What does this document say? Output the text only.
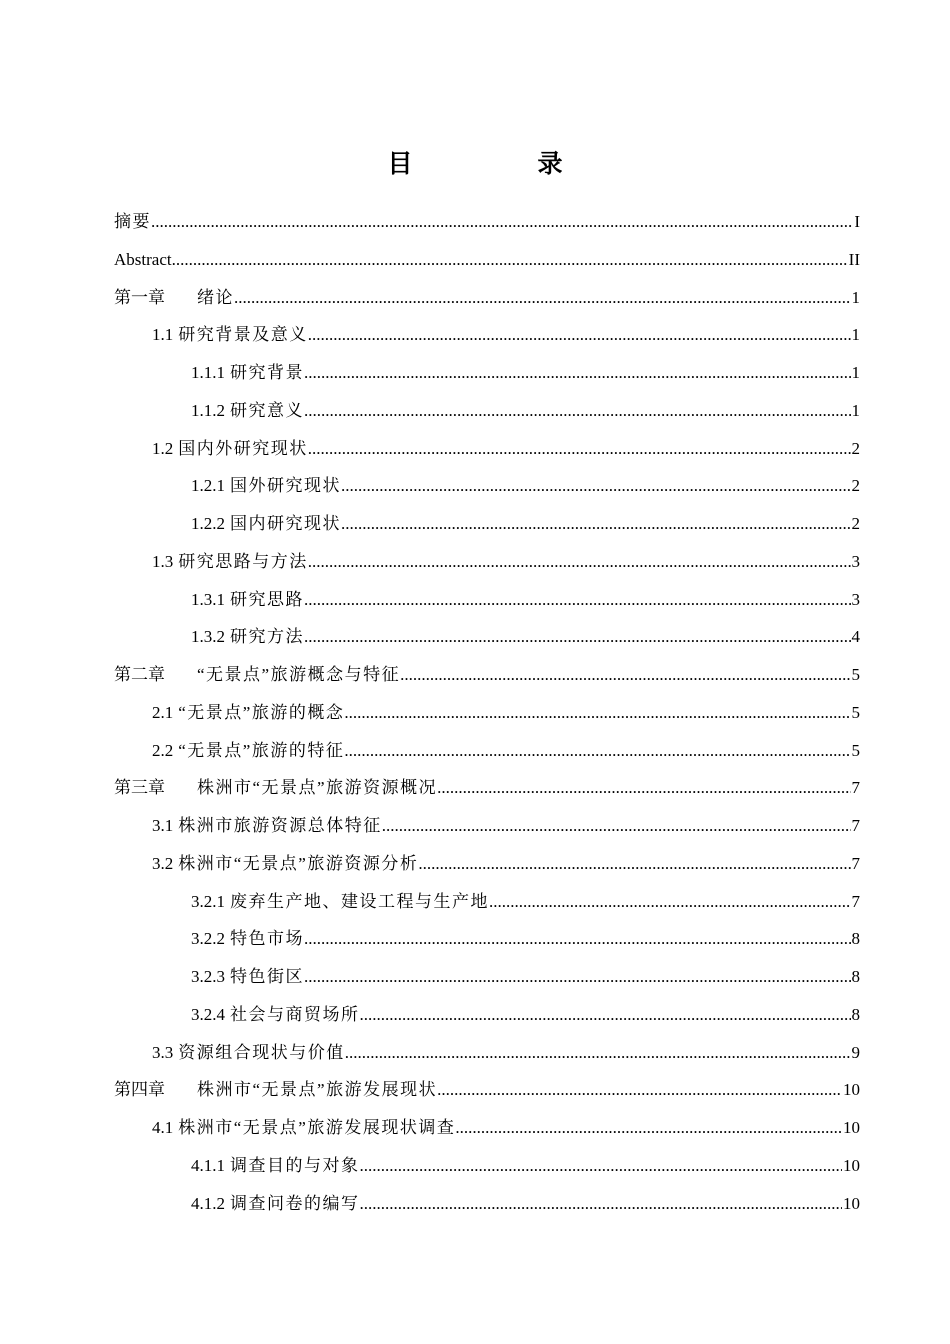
目　录
摘要 .....	I
Abstract .....	II
第一章 绪论 .....	1
1.1 研究背景及意义 .....	1
1.1.1 研究背景 .....	1
1.1.2 研究意义 .....	1
1.2 国内外研究现状 .....	2
1.2.1 国外研究现状 .....	2
1.2.2 国内研究现状 .....	2
1.3 研究思路与方法 .....	3
1.3.1 研究思路 .....	3
1.3.2 研究方法 .....	4
第二章 “无景点”旅游概念与特征 .....	5
2.1 “无景点”旅游的概念 .....	5
2.2 “无景点”旅游的特征 .....	5
第三章 株洲市“无景点”旅游资源概况 .....	7
3.1 株洲市旅游资源总体特征 .....	7
3.2 株洲市“无景点”旅游资源分析 .....	7
3.2.1 废弃生产地、建设工程与生产地 .....	7
3.2.2 特色市场 .....	8
3.2.3 特色街区 .....	8
3.2.4 社会与商贸场所 .....	8
3.3 资源组合现状与价值 .....	9
第四章 株洲市“无景点”旅游发展现状 .....	10
4.1 株洲市“无景点”旅游发展现状调查 .....	10
4.1.1 调查目的与对象 .....	10
4.1.2 调查问卷的编写 .....	10
